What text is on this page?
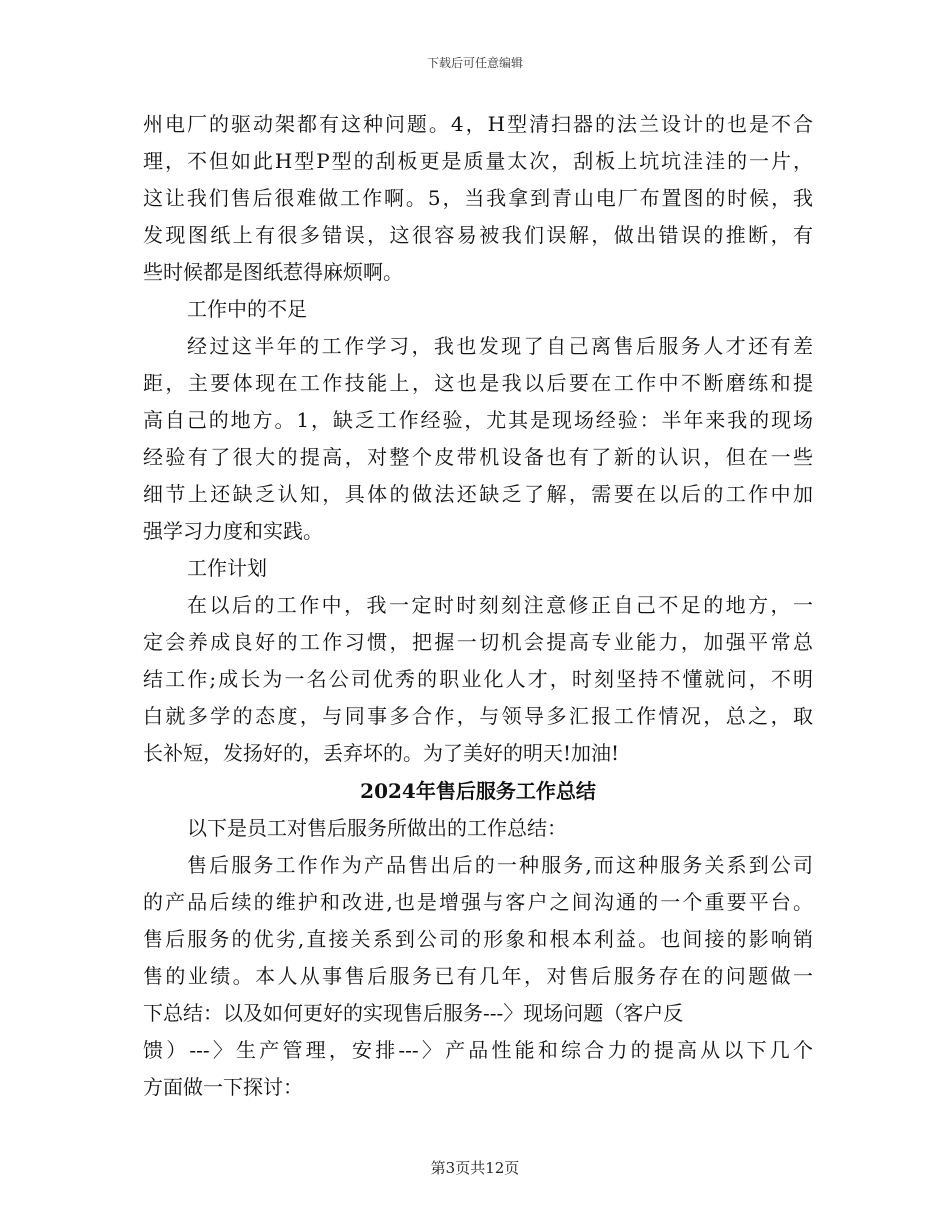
下载后可任意编辑
州电厂的驱动架都有这种问题。4，H型清扫器的法兰设计的也是不合
理，不但如此H型P型的刮板更是质量太次，刮板上坑坑洼洼的一片，
这让我们售后很难做工作啊。5，当我拿到青山电厂布置图的时候，我
发现图纸上有很多错误，这很容易被我们误解，做出错误的推断，有
些时候都是图纸惹得麻烦啊。
工作中的不足
经过这半年的工作学习，我也发现了自己离售后服务人才还有差
距，主要体现在工作技能上，这也是我以后要在工作中不断磨练和提
高自己的地方。1，缺乏工作经验，尤其是现场经验：半年来我的现场
经验有了很大的提高，对整个皮带机设备也有了新的认识，但在一些
细节上还缺乏认知，具体的做法还缺乏了解，需要在以后的工作中加
强学习力度和实践。
工作计划
在以后的工作中，我一定时时刻刻注意修正自己不足的地方，一
定会养成良好的工作习惯，把握一切机会提高专业能力，加强平常总
结工作;成长为一名公司优秀的职业化人才，时刻坚持不懂就问，不明
白就多学的态度，与同事多合作，与领导多汇报工作情况，总之，取
长补短，发扬好的，丢弃坏的。为了美好的明天!加油!
2024年售后服务工作总结
以下是员工对售后服务所做出的工作总结：
售后服务工作作为产品售出后的一种服务,而这种服务关系到公司
的产品后续的维护和改进,也是增强与客户之间沟通的一个重要平台。
售后服务的优劣,直接关系到公司的形象和根本利益。也间接的影响销
售的业绩。本人从事售后服务已有几年，对售后服务存在的问题做一
下总结：以及如何更好的实现售后服务---〉现场问题（客户反
馈）---〉生产管理，安排---〉产品性能和综合力的提高从以下几个
方面做一下探讨：
第3页共12页
